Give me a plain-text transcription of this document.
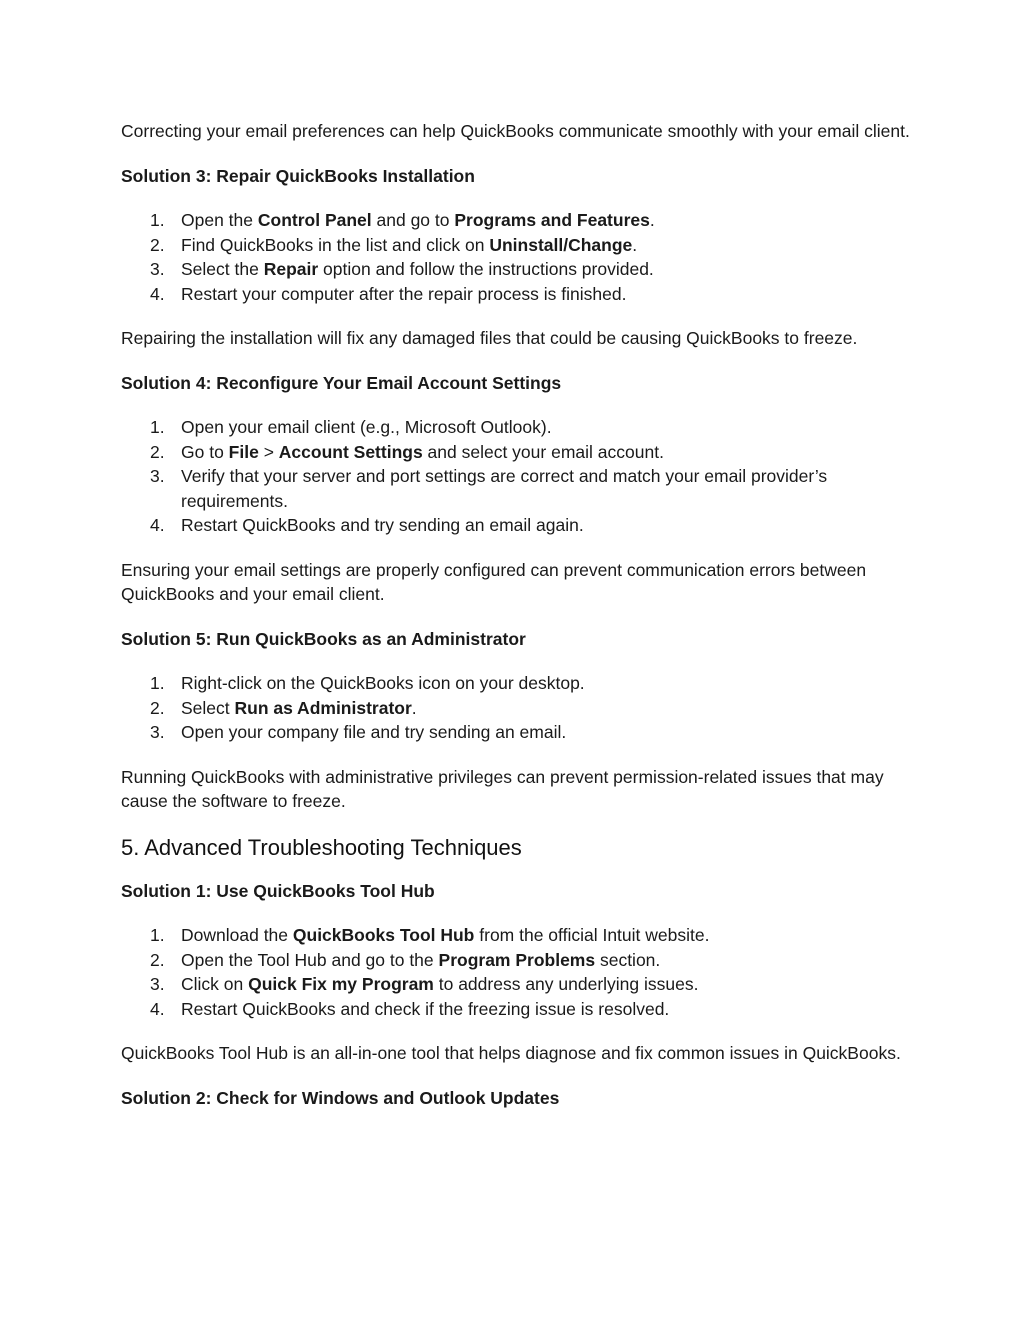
Correcting your email preferences can help QuickBooks communicate smoothly with your email client.

Solution 3: Repair QuickBooks Installation

1. Open the Control Panel and go to Programs and Features.
2. Find QuickBooks in the list and click on Uninstall/Change.
3. Select the Repair option and follow the instructions provided.
4. Restart your computer after the repair process is finished.

Repairing the installation will fix any damaged files that could be causing QuickBooks to freeze.

Solution 4: Reconfigure Your Email Account Settings

1. Open your email client (e.g., Microsoft Outlook).
2. Go to File > Account Settings and select your email account.
3. Verify that your server and port settings are correct and match your email provider’s requirements.
4. Restart QuickBooks and try sending an email again.

Ensuring your email settings are properly configured can prevent communication errors between QuickBooks and your email client.

Solution 5: Run QuickBooks as an Administrator

1. Right-click on the QuickBooks icon on your desktop.
2. Select Run as Administrator.
3. Open your company file and try sending an email.

Running QuickBooks with administrative privileges can prevent permission-related issues that may cause the software to freeze.

5. Advanced Troubleshooting Techniques

Solution 1: Use QuickBooks Tool Hub

1. Download the QuickBooks Tool Hub from the official Intuit website.
2. Open the Tool Hub and go to the Program Problems section.
3. Click on Quick Fix my Program to address any underlying issues.
4. Restart QuickBooks and check if the freezing issue is resolved.

QuickBooks Tool Hub is an all-in-one tool that helps diagnose and fix common issues in QuickBooks.

Solution 2: Check for Windows and Outlook Updates
